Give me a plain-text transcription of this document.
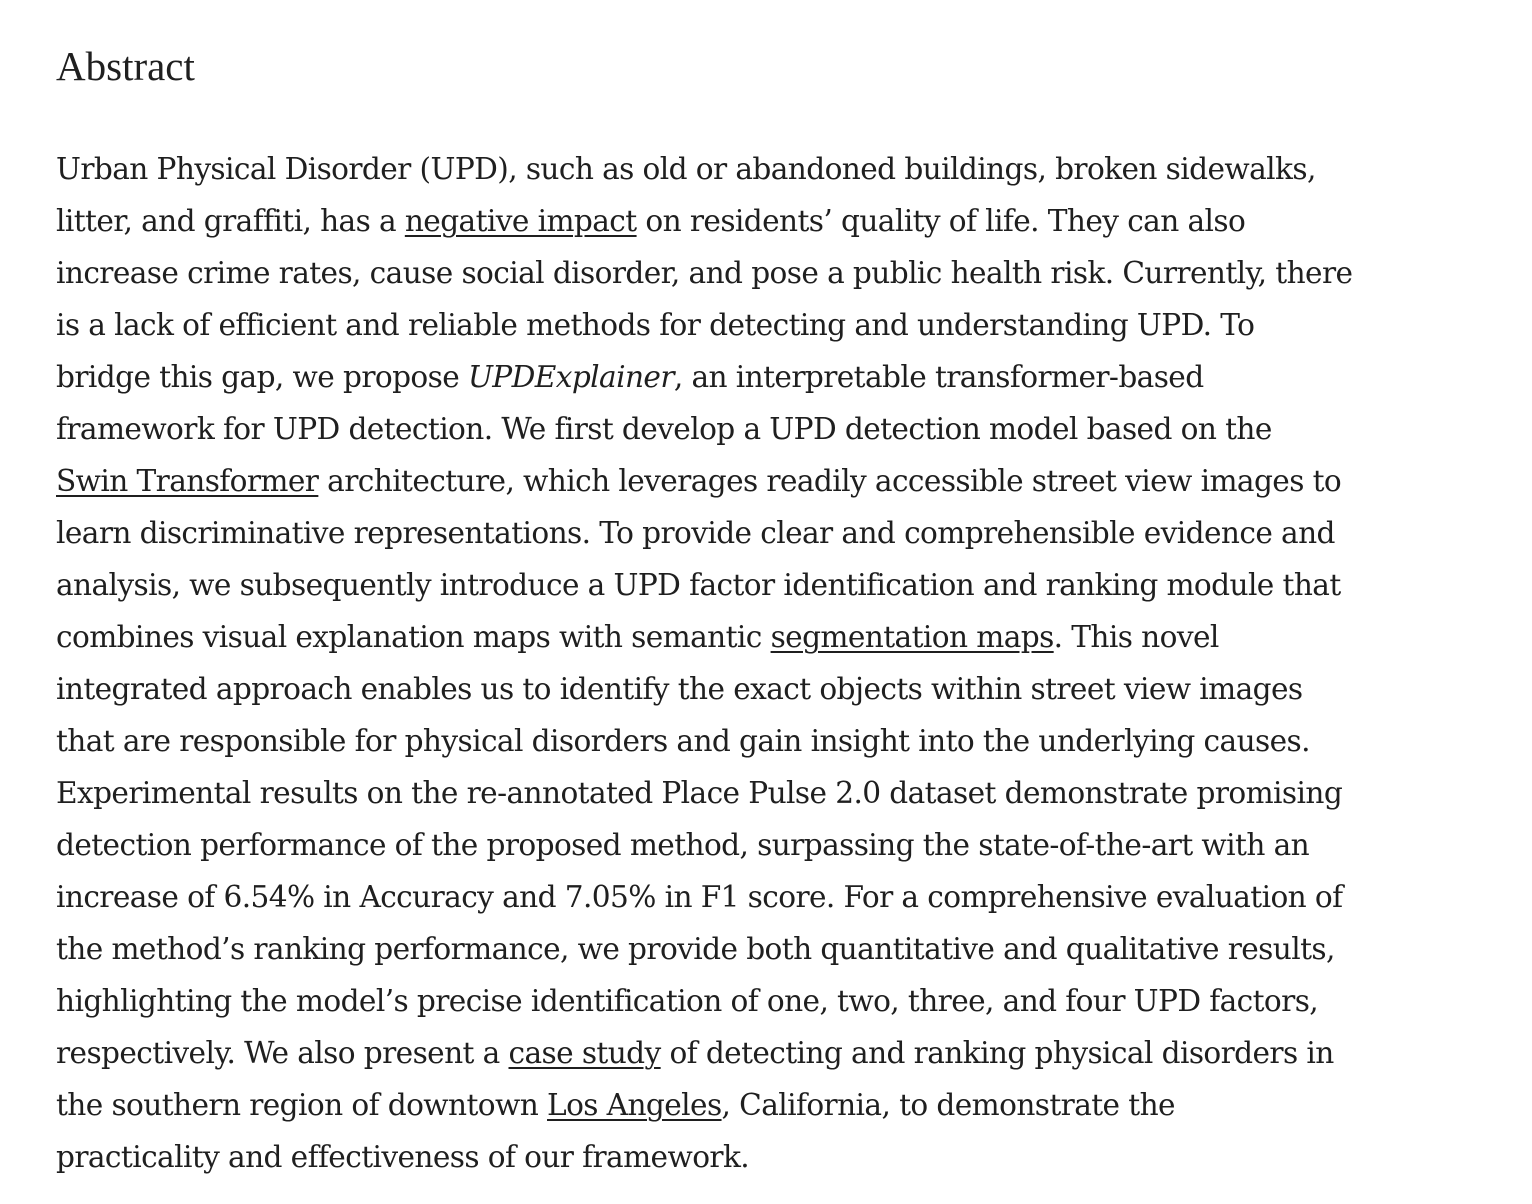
Abstract

Urban Physical Disorder (UPD), such as old or abandoned buildings, broken sidewalks,
litter, and graffiti, has a negative impact on residents’ quality of life. They can also
increase crime rates, cause social disorder, and pose a public health risk. Currently, there
is a lack of efficient and reliable methods for detecting and understanding UPD. To
bridge this gap, we propose UPDExplainer, an interpretable transformer-based
framework for UPD detection. We first develop a UPD detection model based on the
Swin Transformer architecture, which leverages readily accessible street view images to
learn discriminative representations. To provide clear and comprehensible evidence and
analysis, we subsequently introduce a UPD factor identification and ranking module that
combines visual explanation maps with semantic segmentation maps. This novel
integrated approach enables us to identify the exact objects within street view images
that are responsible for physical disorders and gain insight into the underlying causes.
Experimental results on the re-annotated Place Pulse 2.0 dataset demonstrate promising
detection performance of the proposed method, surpassing the state-of-the-art with an
increase of 6.54% in Accuracy and 7.05% in F1 score. For a comprehensive evaluation of
the method’s ranking performance, we provide both quantitative and qualitative results,
highlighting the model’s precise identification of one, two, three, and four UPD factors,
respectively. We also present a case study of detecting and ranking physical disorders in
the southern region of downtown Los Angeles, California, to demonstrate the
practicality and effectiveness of our framework.
